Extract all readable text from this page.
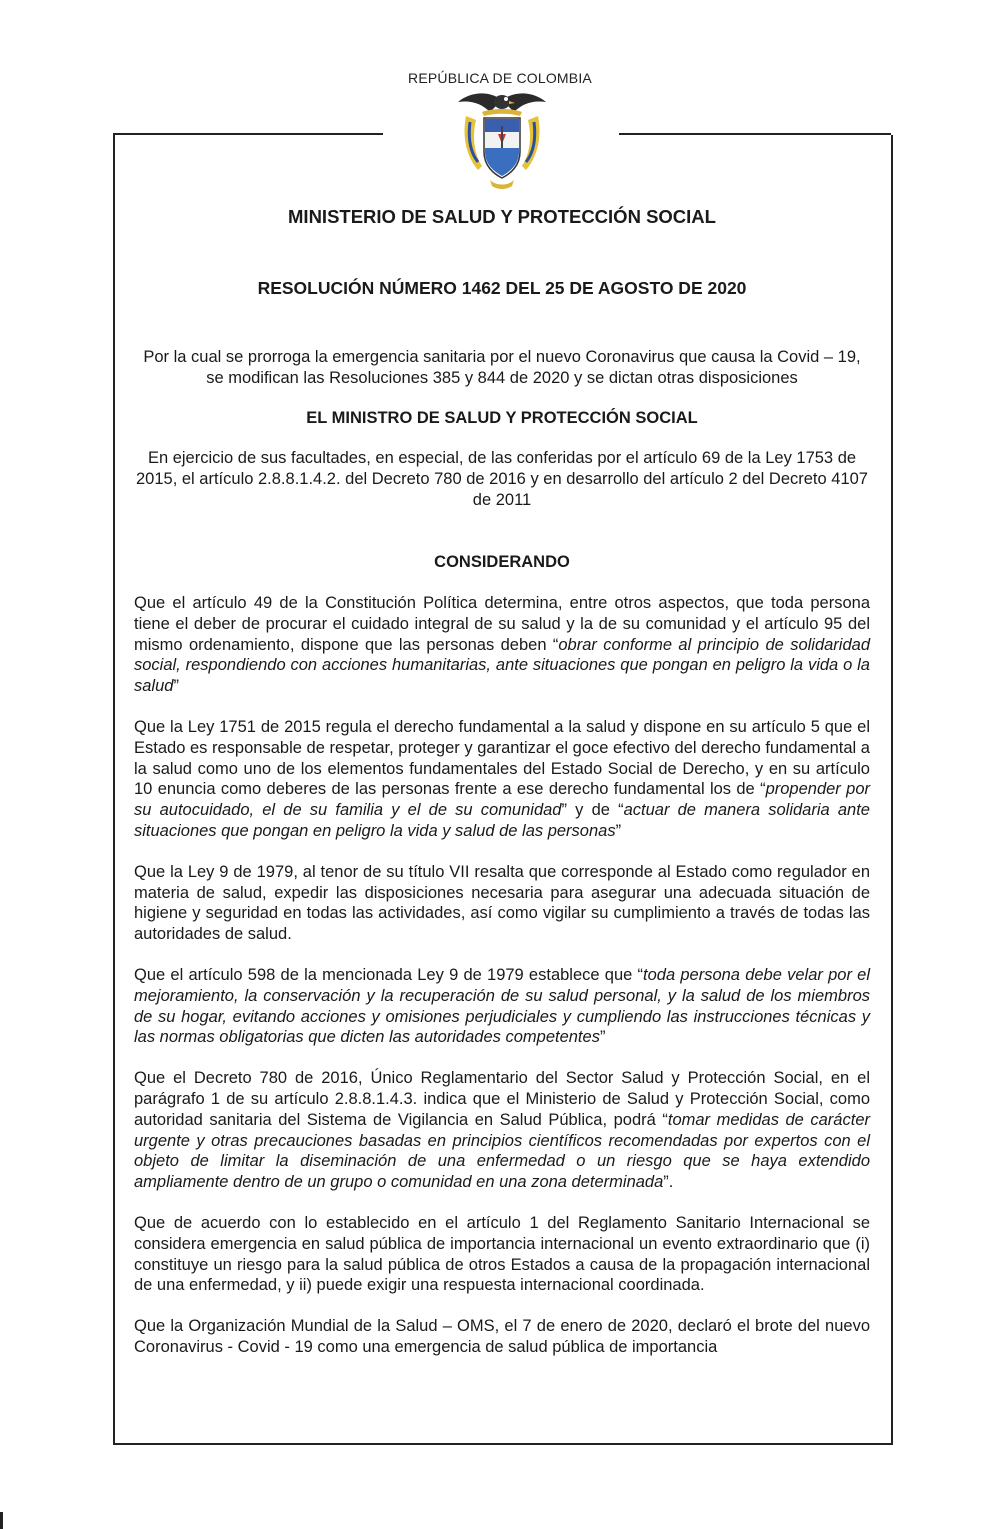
REPÚBLICA DE COLOMBIA
MINISTERIO DE SALUD Y PROTECCIÓN SOCIAL
RESOLUCIÓN NÚMERO 1462 DEL 25 DE AGOSTO DE 2020

Por la cual se prorroga la emergencia sanitaria por el nuevo Coronavirus que causa la Covid – 19, se modifican las Resoluciones 385 y 844 de 2020 y se dictan otras disposiciones

EL MINISTRO DE SALUD Y PROTECCIÓN SOCIAL

En ejercicio de sus facultades, en especial, de las conferidas por el artículo 69 de la Ley 1753 de 2015, el artículo 2.8.8.1.4.2. del Decreto 780 de 2016 y en desarrollo del artículo 2 del Decreto 4107 de 2011

CONSIDERANDO

Que el artículo 49 de la Constitución Política determina, entre otros aspectos, que toda persona tiene el deber de procurar el cuidado integral de su salud y la de su comunidad y el artículo 95 del mismo ordenamiento, dispone que las personas deben “obrar conforme al principio de solidaridad social, respondiendo con acciones humanitarias, ante situaciones que pongan en peligro la vida o la salud”

Que la Ley 1751 de 2015 regula el derecho fundamental a la salud y dispone en su artículo 5 que el Estado es responsable de respetar, proteger y garantizar el goce efectivo del derecho fundamental a la salud como uno de los elementos fundamentales del Estado Social de Derecho, y en su artículo 10 enuncia como deberes de las personas frente a ese derecho fundamental los de “propender por su autocuidado, el de su familia y el de su comunidad” y de “actuar de manera solidaria ante situaciones que pongan en peligro la vida y salud de las personas”

Que la Ley 9 de 1979, al tenor de su título VII resalta que corresponde al Estado como regulador en materia de salud, expedir las disposiciones necesaria para asegurar una adecuada situación de higiene y seguridad en todas las actividades, así como vigilar su cumplimiento a través de todas las autoridades de salud.

Que el artículo 598 de la mencionada Ley 9 de 1979 establece que “toda persona debe velar por el mejoramiento, la conservación y la recuperación de su salud personal, y la salud de los miembros de su hogar, evitando acciones y omisiones perjudiciales y cumpliendo las instrucciones técnicas y las normas obligatorias que dicten las autoridades competentes”

Que el Decreto 780 de 2016, Único Reglamentario del Sector Salud y Protección Social, en el parágrafo 1 de su artículo 2.8.8.1.4.3. indica que el Ministerio de Salud y Protección Social, como autoridad sanitaria del Sistema de Vigilancia en Salud Pública, podrá “tomar medidas de carácter urgente y otras precauciones basadas en principios científicos recomendadas por expertos con el objeto de limitar la diseminación de una enfermedad o un riesgo que se haya extendido ampliamente dentro de un grupo o comunidad en una zona determinada”.

Que de acuerdo con lo establecido en el artículo 1 del Reglamento Sanitario Internacional se considera emergencia en salud pública de importancia internacional un evento extraordinario que (i) constituye un riesgo para la salud pública de otros Estados a causa de la propagación internacional de una enfermedad, y ii) puede exigir una respuesta internacional coordinada.

Que la Organización Mundial de la Salud – OMS, el 7 de enero de 2020, declaró el brote del nuevo Coronavirus - Covid - 19 como una emergencia de salud pública de importancia
